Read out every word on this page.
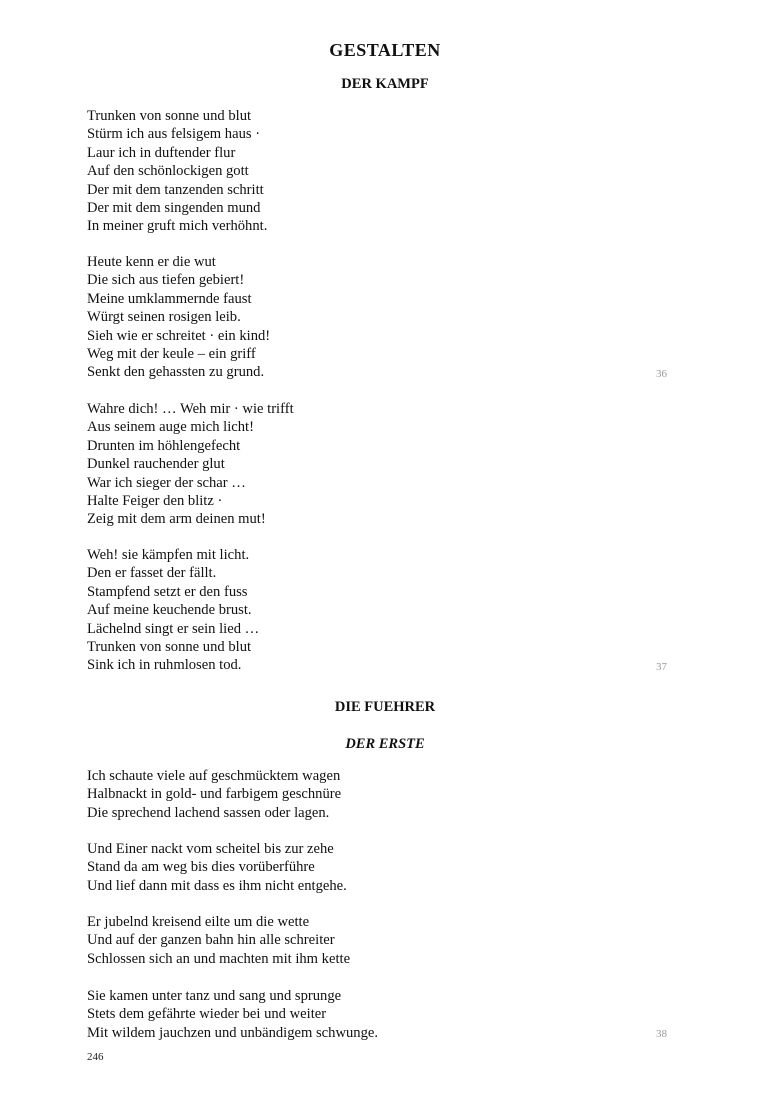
GESTALTEN
DER KAMPF
Trunken von sonne und blut
Stürm ich aus felsigem haus ·
Laur ich in duftender flur
Auf den schönlockigen gott
Der mit dem tanzenden schritt
Der mit dem singenden mund
In meiner gruft mich verhöhnt.
Heute kenn er die wut
Die sich aus tiefen gebiert!
Meine umklammernde faust
Würgt seinen rosigen leib.
Sieh wie er schreitet · ein kind!
Weg mit der keule – ein griff
Senkt den gehassten zu grund.
Wahre dich! … Weh mir · wie trifft
Aus seinem auge mich licht!
Drunten im höhlengefecht
Dunkel rauchender glut
War ich sieger der schar …
Halte Feiger den blitz ·
Zeig mit dem arm deinen mut!
Weh! sie kämpfen mit licht.
Den er fasset der fällt.
Stampfend setzt er den fuss
Auf meine keuchende brust.
Lächelnd singt er sein lied …
Trunken von sonne und blut
Sink ich in ruhmlosen tod.
DIE FUEHRER
DER ERSTE
Ich schaute viele auf geschmücktem wagen
Halbnackt in gold- und farbigem geschnüre
Die sprechend lachend sassen oder lagen.
Und Einer nackt vom scheitel bis zur zehe
Stand da am weg bis dies vorüberführe
Und lief dann mit dass es ihm nicht entgehe.
Er jubelnd kreisend eilte um die wette
Und auf der ganzen bahn hin alle schreiter
Schlossen sich an und machten mit ihm kette
Sie kamen unter tanz und sang und sprunge
Stets dem gefährte wieder bei und weiter
Mit wildem jauchzen und unbändigem schwunge.
36
37
38
246
